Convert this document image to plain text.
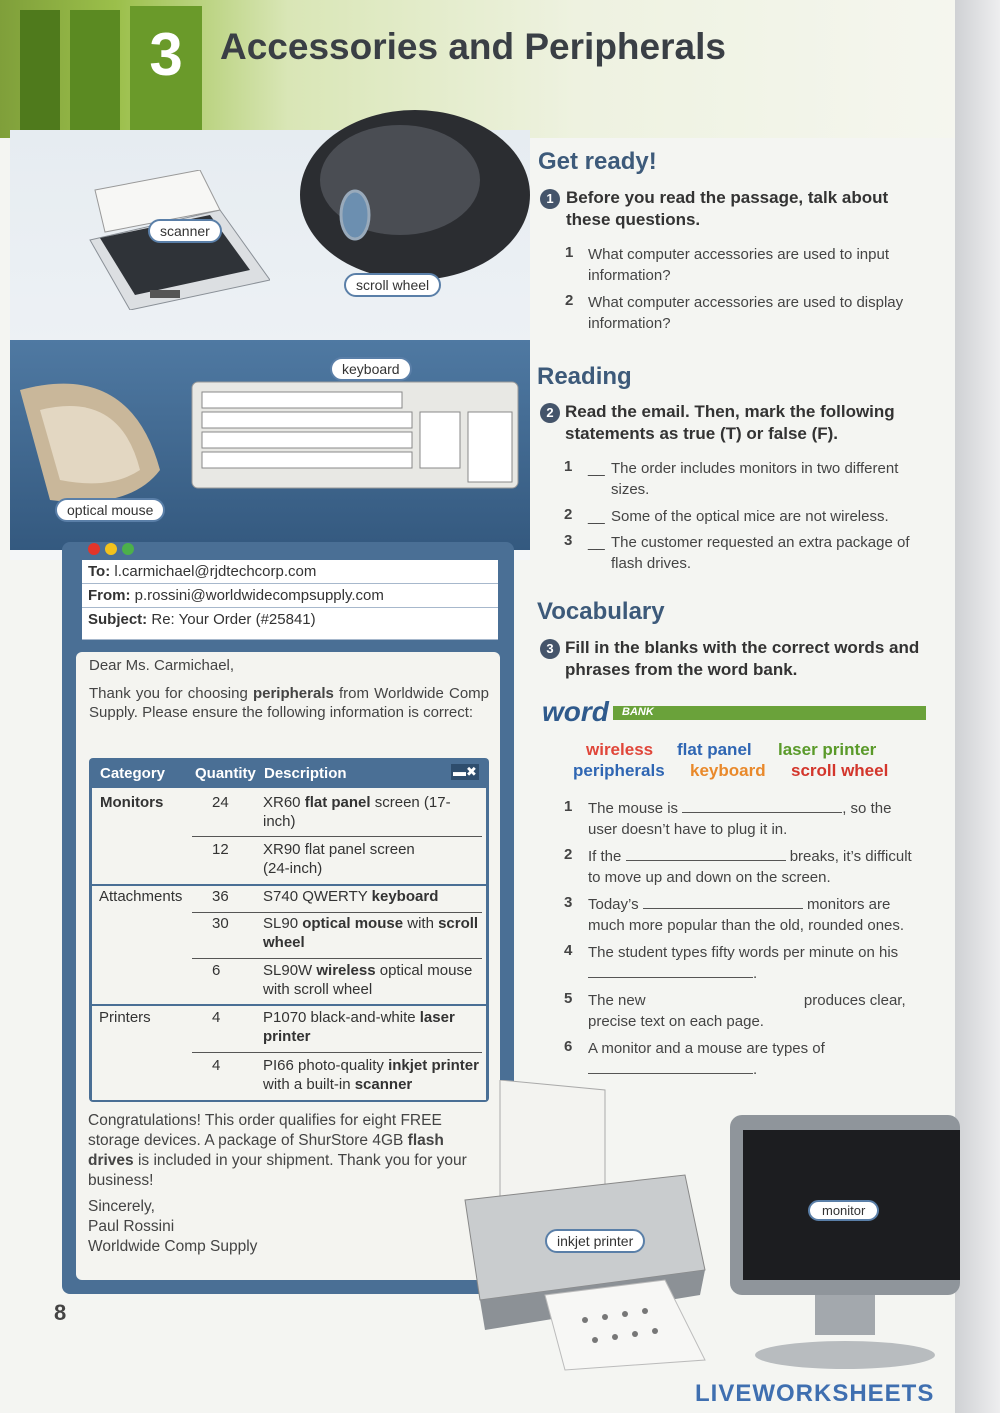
3	Accessories and Peripherals
scanner
scroll wheel
keyboard
optical mouse
To: l.carmichael@rjdtechcorp.com
From: p.rossini@worldwidecompsupply.com
Subject: Re: Your Order (#25841)
Dear Ms. Carmichael,
Thank you for choosing peripherals from Worldwide Comp Supply. Please ensure the following information is correct:
Category Quantity Description	▬✖
Monitors	24 XR60 flat panel screen (17-inch)
12 XR90 flat panel screen (24-inch)
Attachments 36 S740 QWERTY keyboard
30 SL90 optical mouse with scroll wheel
6	SL90W wireless optical mouse with scroll wheel
Printers	4	P1070 black-and-white laser printer
4	PI66 photo-quality inkjet printer with a built-in scanner
Congratulations! This order qualifies for eight FREE storage devices. A package of ShurStore 4GB flash drives is included in your shipment. Thank you for your business!
Sincerely,
Paul Rossini
Worldwide Comp Supply
8
Get ready!
1 Before you read the passage, talk about these questions.
1 What computer accessories are used to input information?
2 What computer accessories are used to display information?
Reading
2 Read the email. Then, mark the following statements as true (T) or false (F).
1 __ The order includes monitors in two different sizes.
2 __ Some of the optical mice are not wireless.
3 __ The customer requested an extra package of flash drives.
Vocabulary
3 Fill in the blanks with the correct words and phrases from the word bank.
word	BANK
wireless flat panel laser printer
peripherals keyboard scroll wheel
1 The mouse is	, so the user doesn’t have to plug it in.
2 If the	breaks, it’s difficult to move up and down on the screen.
3 Today’s	monitors are much more popular than the old, rounded ones.
4 The student types fifty words per minute on his .
5 The new	produces clear, precise text on each page.
6 A monitor and a mouse are types of .
monitor
inkjet printer
LIVEWORKSHEETS
